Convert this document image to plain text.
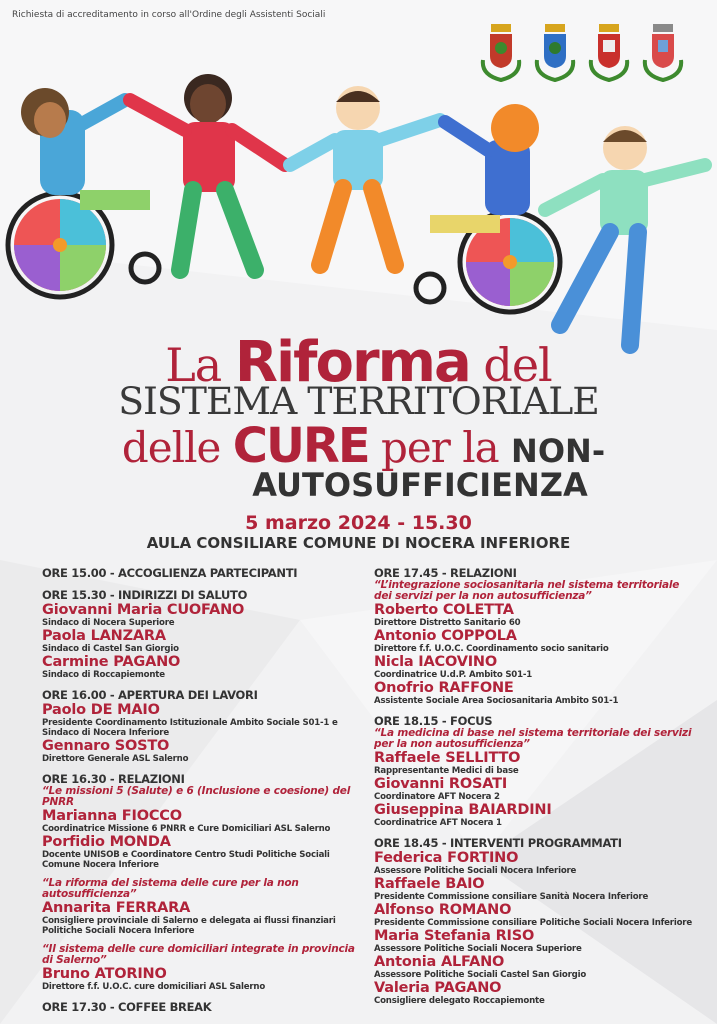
Richiesta di accreditamento in corso all'Ordine degli Assistenti Sociali
La Riforma del
SISTEMA TERRITORIALE
delle CURE per la NON-
AUTOSUFFICIENZA
5 marzo 2024 - 15.30
AULA CONSILIARE COMUNE DI NOCERA INFERIORE
ORE 15.00 - ACCOGLIENZA PARTECIPANTI
ORE 15.30 - INDIRIZZI DI SALUTO
Giovanni Maria CUOFANO
Sindaco di Nocera Superiore
Paola LANZARA
Sindaco di Castel San Giorgio
Carmine PAGANO
Sindaco di Roccapiemonte
ORE 16.00 - APERTURA DEI LAVORI
Paolo DE MAIO
Presidente Coordinamento Istituzionale Ambito Sociale S01-1 e Sindaco di Nocera Inferiore
Gennaro SOSTO
Direttore Generale ASL Salerno
ORE 16.30 - RELAZIONI
“Le missioni 5 (Salute) e 6 (Inclusione e coesione) del PNRR
Marianna FIOCCO
Coordinatrice Missione 6 PNRR e Cure Domiciliari ASL Salerno
Porfidio MONDA
Docente UNISOB e Coordinatore Centro Studi Politiche Sociali Comune Nocera Inferiore
“La riforma del sistema delle cure per la non autosufficienza”
Annarita FERRARA
Consigliere provinciale di Salerno e delegata ai flussi finanziari Politiche Sociali Nocera Inferiore
“Il sistema delle cure domiciliari integrate in provincia di Salerno”
Bruno ATORINO
Direttore f.f. U.O.C. cure domiciliari ASL Salerno
ORE 17.30 - COFFEE BREAK
ORE 17.45 - RELAZIONI
“L’integrazione sociosanitaria nel sistema territoriale dei servizi per la non autosufficienza”
Roberto COLETTA
Direttore Distretto Sanitario 60
Antonio COPPOLA
Direttore f.f. U.O.C. Coordinamento socio sanitario
Nicla IACOVINO
Coordinatrice U.d.P. Ambito S01-1
Onofrio RAFFONE
Assistente Sociale Area Sociosanitaria Ambito S01-1
ORE 18.15 - FOCUS
“La medicina di base nel sistema territoriale dei servizi per la non autosufficienza”
Raffaele SELLITTO
Rappresentante Medici di base
Giovanni ROSATI
Coordinatore AFT Nocera 2
Giuseppina BAIARDINI
Coordinatrice AFT Nocera 1
ORE 18.45 - INTERVENTI PROGRAMMATI
Federica FORTINO
Assessore Politiche Sociali Nocera Inferiore
Raffaele BAIO
Presidente Commissione consiliare Sanità Nocera Inferiore
Alfonso ROMANO
Presidente Commissione consiliare Politiche Sociali Nocera Inferiore
Maria Stefania RISO
Assessore Politiche Sociali Nocera Superiore
Antonia ALFANO
Assessore Politiche Sociali Castel San Giorgio
Valeria PAGANO
Consigliere delegato Roccapiemonte
